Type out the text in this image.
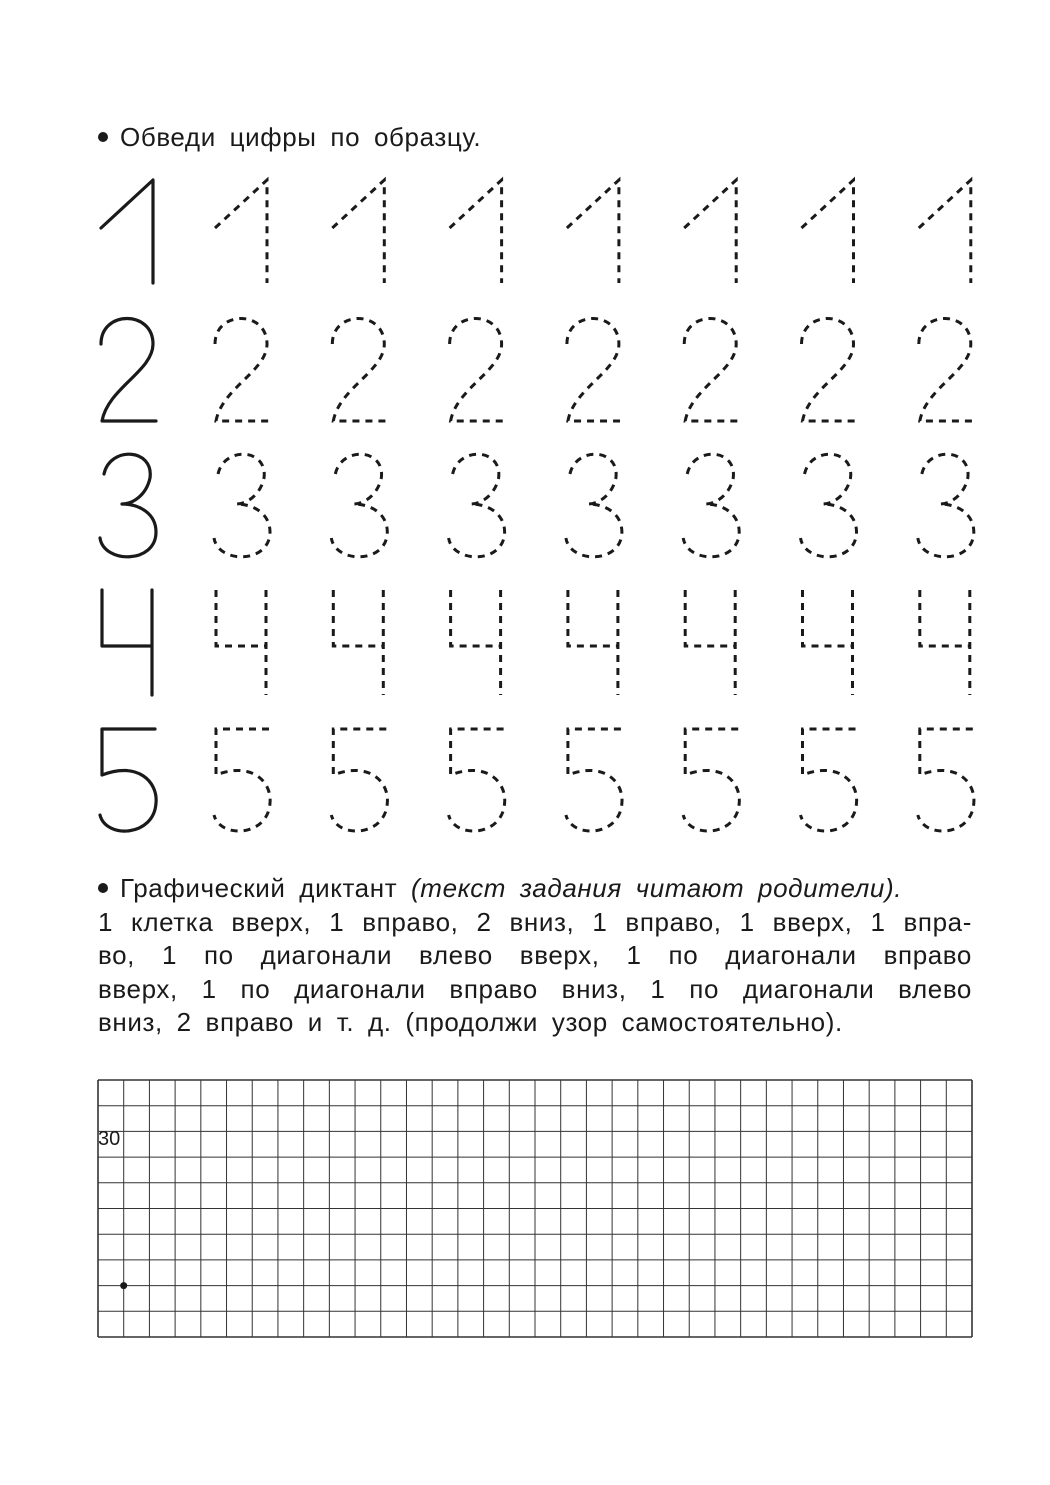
Обведи цифры по образцу.
Графический диктант (текст задания читают родители).
1 клетка вверх, 1 вправо, 2 вниз, 1 вправо, 1 вверх, 1 впра-
во, 1 по диагонали влево вверх, 1 по диагонали вправо
вверх, 1 по диагонали вправо вниз, 1 по диагонали влево
вниз, 2 вправо и т. д. (продолжи узор самостоятельно).
30
